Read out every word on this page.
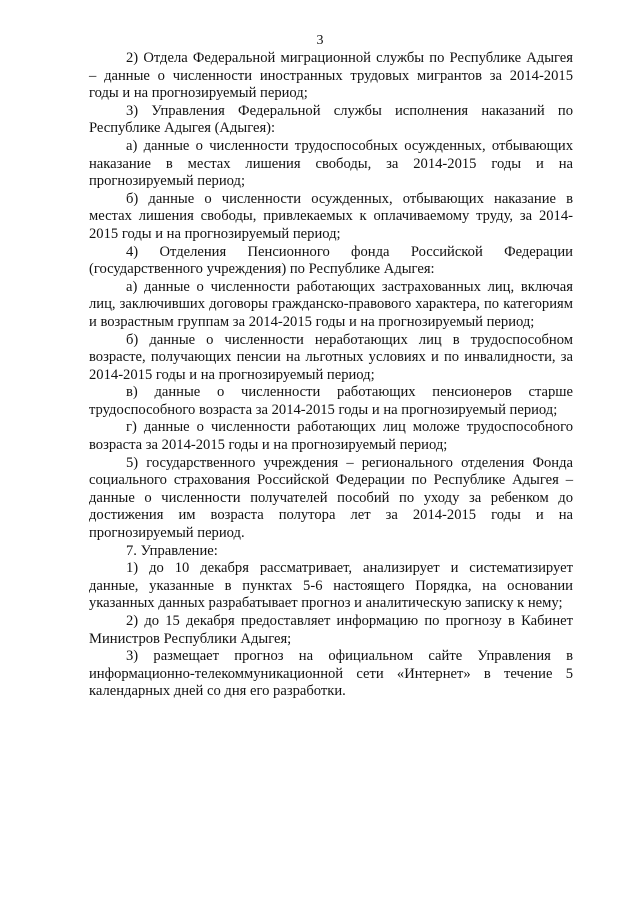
3

2) Отдела Федеральной миграционной службы по Республике Адыгея – данные о численности иностранных трудовых мигрантов за 2014-2015 годы и на прогнозируемый период;

3) Управления Федеральной службы исполнения наказаний по Республике Адыгея (Адыгея):

а) данные о численности трудоспособных осужденных, отбывающих наказание в местах лишения свободы, за 2014-2015 годы и на прогнозируемый период;

б) данные о численности осужденных, отбывающих наказание в местах лишения свободы, привлекаемых к оплачиваемому труду, за 2014-2015 годы и на прогнозируемый период;

4) Отделения Пенсионного фонда Российской Федерации (государственного учреждения) по Республике Адыгея:

а) данные о численности работающих застрахованных лиц, включая лиц, заключивших договоры гражданско-правового характера, по категориям и возрастным группам за 2014-2015 годы и на прогнозируемый период;

б) данные о численности неработающих лиц в трудоспособном возрасте, получающих пенсии на льготных условиях и по инвалидности, за 2014-2015 годы и на прогнозируемый период;

в) данные о численности работающих пенсионеров старше трудоспособного возраста за 2014-2015 годы и на прогнозируемый период;

г) данные о численности работающих лиц моложе трудоспособного возраста за 2014-2015 годы и на прогнозируемый период;

5) государственного учреждения – регионального отделения Фонда социального страхования Российской Федерации по Республике Адыгея – данные о численности получателей пособий по уходу за ребенком до достижения им возраста полутора лет за 2014-2015 годы и на прогнозируемый период.

7. Управление:

1) до 10 декабря рассматривает, анализирует и систематизирует данные, указанные в пунктах 5-6 настоящего Порядка, на основании указанных данных разрабатывает прогноз и аналитическую записку к нему;

2) до 15 декабря предоставляет информацию по прогнозу в Кабинет Министров Республики Адыгея;

3) размещает прогноз на официальном сайте Управления в информационно-телекоммуникационной сети «Интернет» в течение 5 календарных дней со дня его разработки.
